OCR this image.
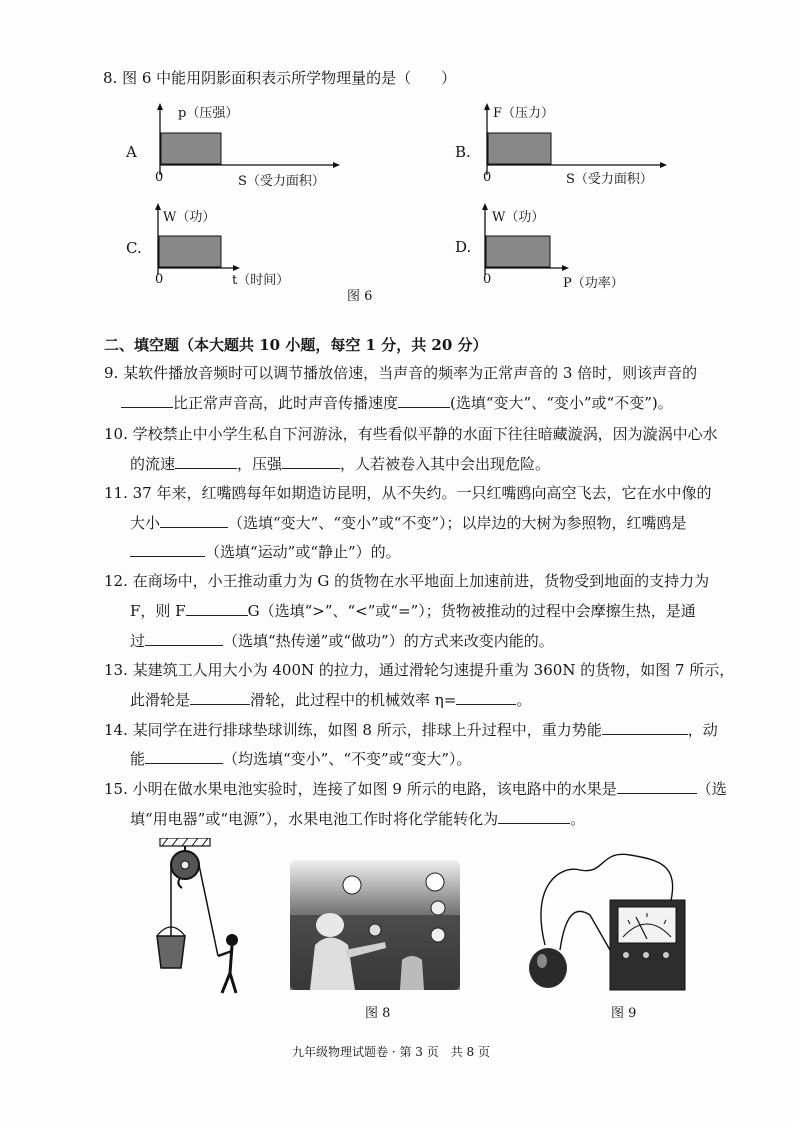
8. 图 6 中能用阴影面积表示所学物理量的是（　　）
A
p（压强）
0	S（受力面积）
B.
F（压力）
0	S（受力面积）
C.
W（功）
0	t（时间）
D.
W（功）
0	P（功率）
图 6
二、填空题（本大题共 10 小题，每空 1 分，共 20 分）
9. 某软件播放音频时可以调节播放倍速，当声音的频率为正常声音的 3 倍时，则该声音的
比正常声音高，此时声音传播速度	(选填“变大”、“变小”或“不变”)。
10. 学校禁止中小学生私自下河游泳，有些看似平静的水面下往往暗藏漩涡，因为漩涡中心水
的流速	，压强	，人若被卷入其中会出现危险。
11. 37 年来，红嘴鸥每年如期造访昆明，从不失约。一只红嘴鸥向高空飞去，它在水中像的
大小	（选填“变大”、“变小”或“不变”）；以岸边的大树为参照物，红嘴鸥是
（选填“运动”或“静止”）的。
12. 在商场中，小王推动重力为 G 的货物在水平地面上加速前进，货物受到地面的支持力为
F，则 F	G（选填“>”、“<”或“=”）；货物被推动的过程中会摩擦生热，是通
过	（选填“热传递”或“做功”）的方式来改变内能的。
13. 某建筑工人用大小为 400N 的拉力，通过滑轮匀速提升重为 360N 的货物，如图 7 所示，
此滑轮是	滑轮，此过程中的机械效率 η=	。
14. 某同学在进行排球垫球训练，如图 8 所示，排球上升过程中，重力势能	，动
能	（均选填“变小”、“不变”或“变大”）。
15. 小明在做水果电池实验时，连接了如图 9 所示的电路，该电路中的水果是	（选
填“用电器”或“电源”），水果电池工作时将化学能转化为	。
图 8	图 9
九年级物理试题卷 · 第 3 页　共 8 页
